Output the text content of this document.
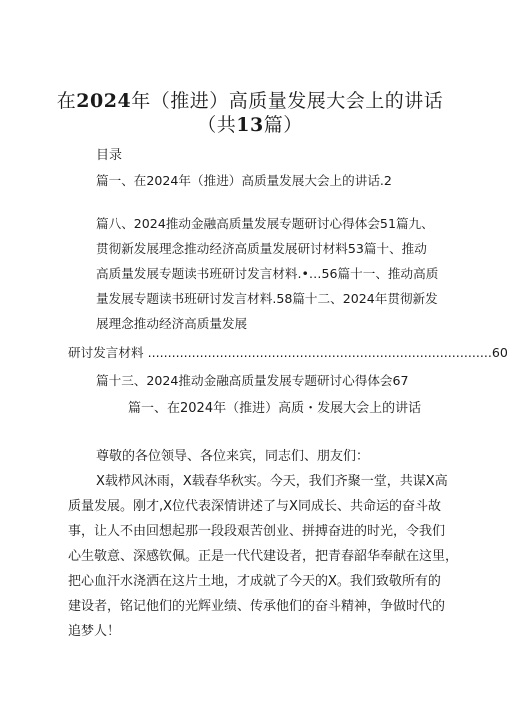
在2024年（推进）高质量发展大会上的讲话
（共13篇）

目录

篇一、在2024年（推进）高质量发展大会上的讲话.2

篇八、2024推动金融高质量发展专题研讨心得体会51篇九、

贯彻新发展理念推动经济高质量发展研讨材料53篇十、推动

高质量发展专题读书班研讨发言材料.•…56篇十一、推动高质

量发展专题读书班研讨发言材料.58篇十二、2024年贯彻新发

展理念推动经济高质量发展

研讨发言材料 ......................................................................................60

篇十三、2024推动金融高质量发展专题研讨心得体会67

篇一、在2024年（推进）高质・发展大会上的讲话

尊敬的各位领导、各位来宾，同志们、朋友们：

X载栉风沐雨，X载春华秋实。今天，我们齐聚一堂，共谋X高

质量发展。刚才,X位代表深情讲述了与X同成长、共命运的奋斗故

事，让人不由回想起那一段段艰苦创业、拼搏奋进的时光，令我们

心生敬意、深感钦佩。正是一代代建设者，把青春韶华奉献在这里，

把心血汗水浇洒在这片土地，才成就了今天的X。我们致敬所有的

建设者，铭记他们的光辉业绩、传承他们的奋斗精神，争做时代的

追梦人！
